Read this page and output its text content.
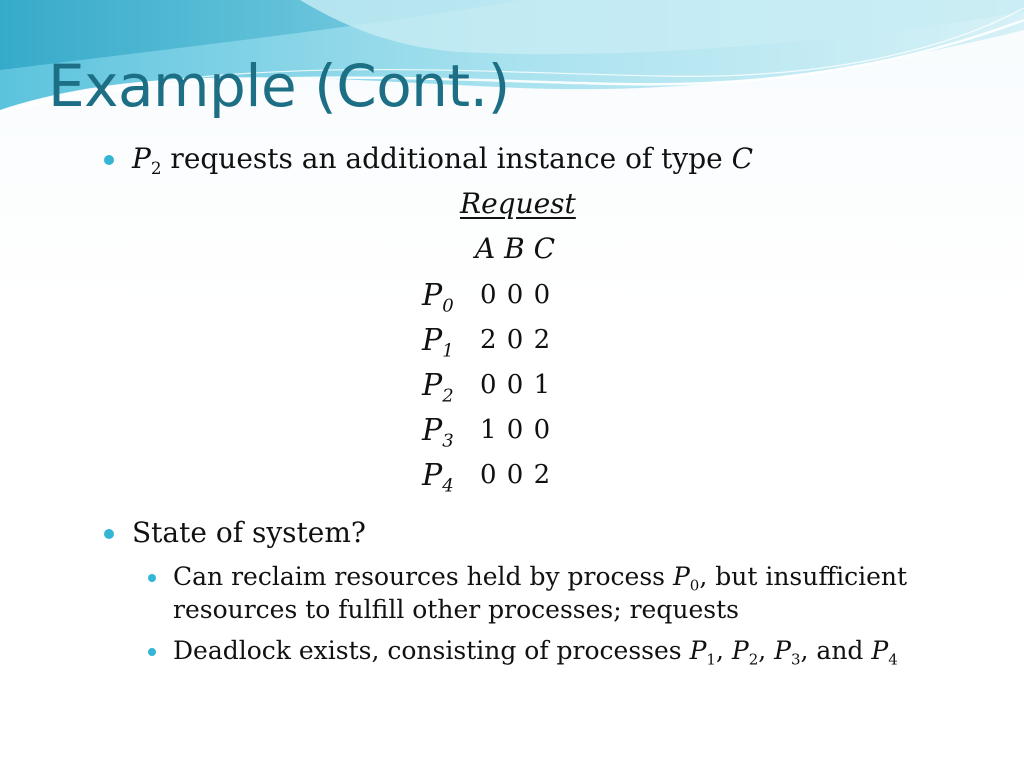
Example (Cont.)
$P_2$ requests an additional instance of type C
Request
A B C
$P_0$ 0 0 0
$P_1$ 2 0 2
$P_2$ 0 0 1
$P_3$ 1 0 0
$P_4$ 0 0 2
State of system?
Can reclaim resources held by process $P_0$, but insufficient
resources to fulfill other processes; requests
Deadlock exists, consisting of processes $P_1$, $P_2$, $P_3$, and $P_4$
